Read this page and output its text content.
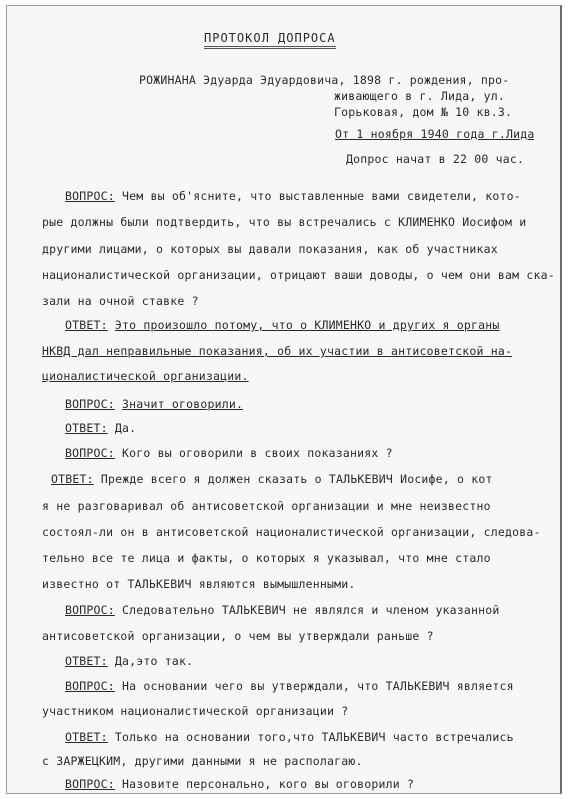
ПРОТОКОЛ ДОПРОСА
РОЖИНАНА Эдуарда Эдуардовича, 1898 г. рождения, про-
живающего в г. Лида, ул.
Горьковая, дом № 10 кв.3.
От 1 ноября 1940 года г.Лида
Допрос начат в 22 00 час.
ВОПРОС: Чем вы об'ясните, что выставленные вами свидетели, кото-
рые должны были подтвердить, что вы встречались с КЛИМЕНКО Иосифом и
другими лицами, о которых вы давали показания, как об участниках
националистической организации, отрицают ваши доводы, о чем они вам ска-
зали на очной ставке ?
ОТВЕТ: Это произошло потому, что о КЛИМЕНКО и других я органы
НКВД дал неправильные показания, об их участии в антисоветской на-
ционалистической организации.
ВОПРОС: Значит оговорили.
ОТВЕТ: Да.
ВОПРОС: Кого вы оговорили в своих показаниях ?
ОТВЕТ: Прежде всего я должен сказать о ТАЛЬКЕВИЧ Иосифе, о кот
я не разговаривал об антисоветской организации и мне неизвестно
состоял-ли он в антисоветской националистической организации, следова-
тельно все те лица и факты, о которых я указывал, что мне стало
известно от ТАЛЬКЕВИЧ являются вымышленными.
ВОПРОС: Следовательно ТАЛЬКЕВИЧ не являлся и членом указанной
антисоветской организации, о чем вы утверждали раньше ?
ОТВЕТ: Да,это так.
ВОПРОС: На основании чего вы утверждали, что ТАЛЬКЕВИЧ является
участником националистической организации ?
ОТВЕТ: Только на основании того,что ТАЛЬКЕВИЧ часто встречались
с ЗАРЖЕЦКИМ, другими данными я не располагаю.
ВОПРОС: Назовите персонально, кого вы оговорили ?
